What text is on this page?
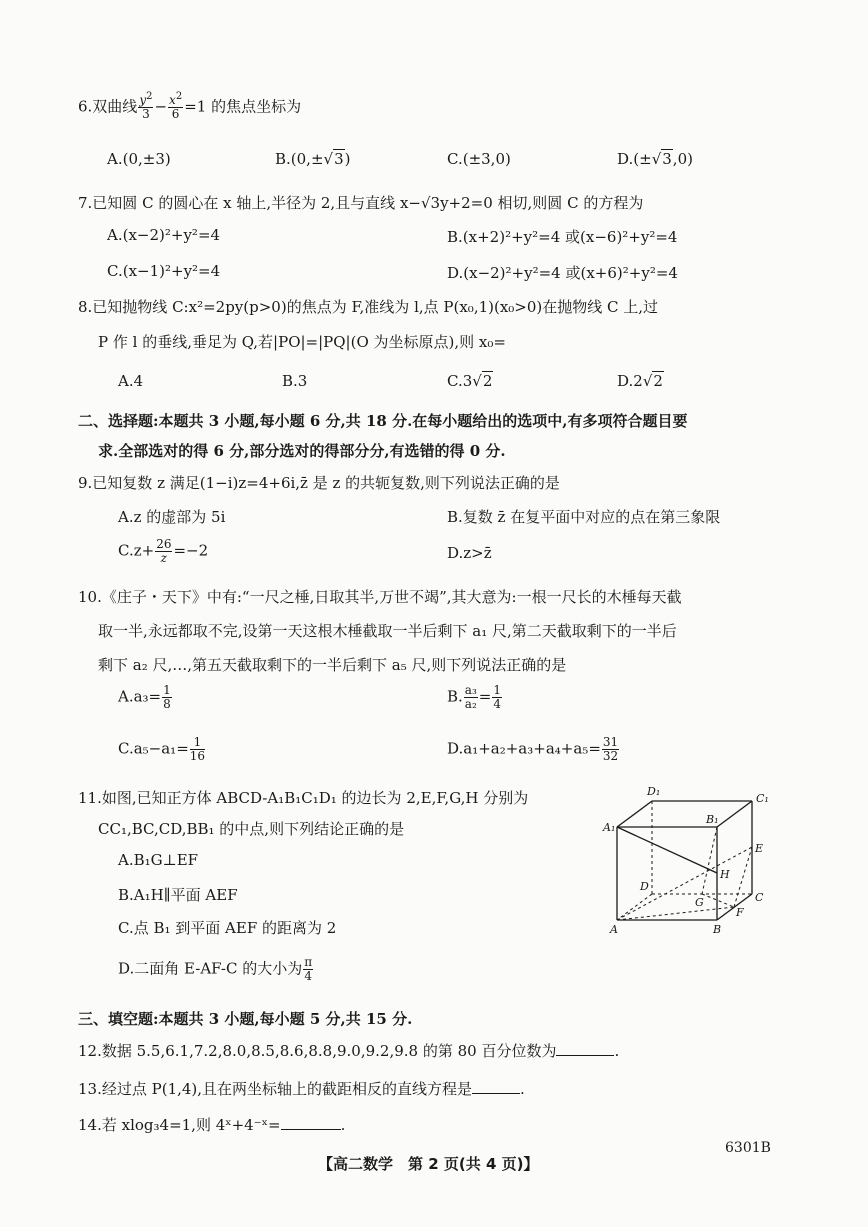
6.双曲线 $\frac{y^2}{3} - \frac{x^2}{6} =1$ 的焦点坐标为
A.(0,±3)	B.(0,±√3)	C.(±3,0)	D.(±√3,0)
7.已知圆 C 的圆心在 x 轴上,半径为 2,且与直线 x−√3y+2=0 相切,则圆 C 的方程为
A.(x−2)²+y²=4	B.(x+2)²+y²=4 或(x−6)²+y²=4
C.(x−1)²+y²=4	D.(x−2)²+y²=4 或(x+6)²+y²=4
8.已知抛物线 C:x²=2py(p>0)的焦点为 F,准线为 l,点 P(x₀,1)(x₀>0)在抛物线 C 上,过
P 作 l 的垂线,垂足为 Q,若|PO|=|PQ|(O 为坐标原点),则 x₀=
A.4	B.3	C.3√2	D.2√2
二、选择题:本题共 3 小题,每小题 6 分,共 18 分.在每小题给出的选项中,有多项符合题目要
求.全部选对的得 6 分,部分选对的得部分分,有选错的得 0 分.
9.已知复数 z 满足(1−i)z=4+6i,z̄ 是 z 的共轭复数,则下列说法正确的是
A.z 的虚部为 5i	B.复数 z̄ 在复平面中对应的点在第三象限
$C.z+ \frac{26}{z} =-2$	D.z>z̄
10.《庄子・天下》中有:“一尺之棰,日取其半,万世不竭”,其大意为:一根一尺长的木棰每天截
取一半,永远都取不完,设第一天这根木棰截取一半后剩下 a₁ 尺,第二天截取剩下的一半后
剩下 a₂ 尺,…,第五天截取剩下的一半后剩下 a₅ 尺,则下列说法正确的是
$A.a_3= \frac{1}{8}$	B. $\frac{\text{a₃}}{\text{a₂}} = \frac{1}{4}$
$C.a_5-a_1= \frac{1}{16}$	$D.a_1+a_2+a_3+a_4+a_5= \frac{31}{32}$
11.如图,已知正方体 ABCD-A₁B₁C₁D₁ 的边长为 2,E,F,G,H 分别为
CC₁,BC,CD,BB₁ 的中点,则下列结论正确的是
A.B₁G⊥EF
B.A₁H∥平面 AEF
C.点 B₁ 到平面 AEF 的距离为 2
D.二面角 E-AF-C 的大小为 $\frac{\pi}{4}$
D₁
C₁
A₁
B₁
E
H
G
D
C
F
A	B
三、填空题:本题共 3 小题,每小题 5 分,共 15 分.
12.数据 5.5,6.1,7.2,8.0,8.5,8.6,8.8,9.0,9.2,9.8 的第 80 百分位数为	.
13.经过点 P(1,4),且在两坐标轴上的截距相反的直线方程是	.
14.若 xlog₃4=1,则 4ˣ+4⁻ˣ=	.
6301B
【高二数学　第 2 页(共 4 页)】
